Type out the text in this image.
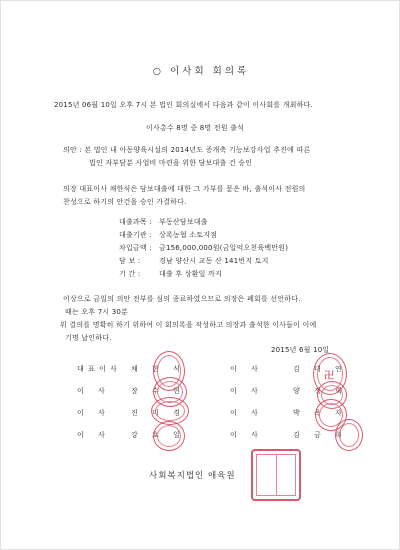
○ 이사회 회의록
2015년 06월 10일 오후 7시 본 법인 회의실에서 다음과 같이 이사회를 개최하다.
이사총수 8명 중 8명 전원 출석
의안 : 본 법인 내 아동양육시설의 2014년도 증개축 기능보강사업 추진에 따른
법인 자부담분 사업비 마련을 위한 담보대출 건 승인
의장 대표이사 채한식은 담보대출에 대한 그 가부를 묻은 바, 출석이사 전원의
찬성으로 하기의 안건을 승인 가결하다.
대출과목 : 부동산담보대출
대출기관 : 상록농협 소토지점
차입금액 : 금156,000,000원(금일억오천육백만원)
담 보 :	경남 양산시 교동 산 141번지 토지
기 간 :	대출 후 상환일 까지
이상으로 금일의 의안 전부를 심의 종료하였으므로 의장은 폐회를 선언하다.
때는 오후 7시 30분
위 결의를 명확히 하기 위하여 이 회의록을 작성하고 의장과 출석한 이사들이 이에
기명 날인하다.
2015년 6월 10일
대 표 이 사 채 한 식	이 사	김 대 연
이 사	장 수 현	이 사	양 정 혁
이 사	진 미 경	이 사	박 옥 자
이 사	강 호 일	이 사	김 금 희
卍
사회복지법인 애육원
